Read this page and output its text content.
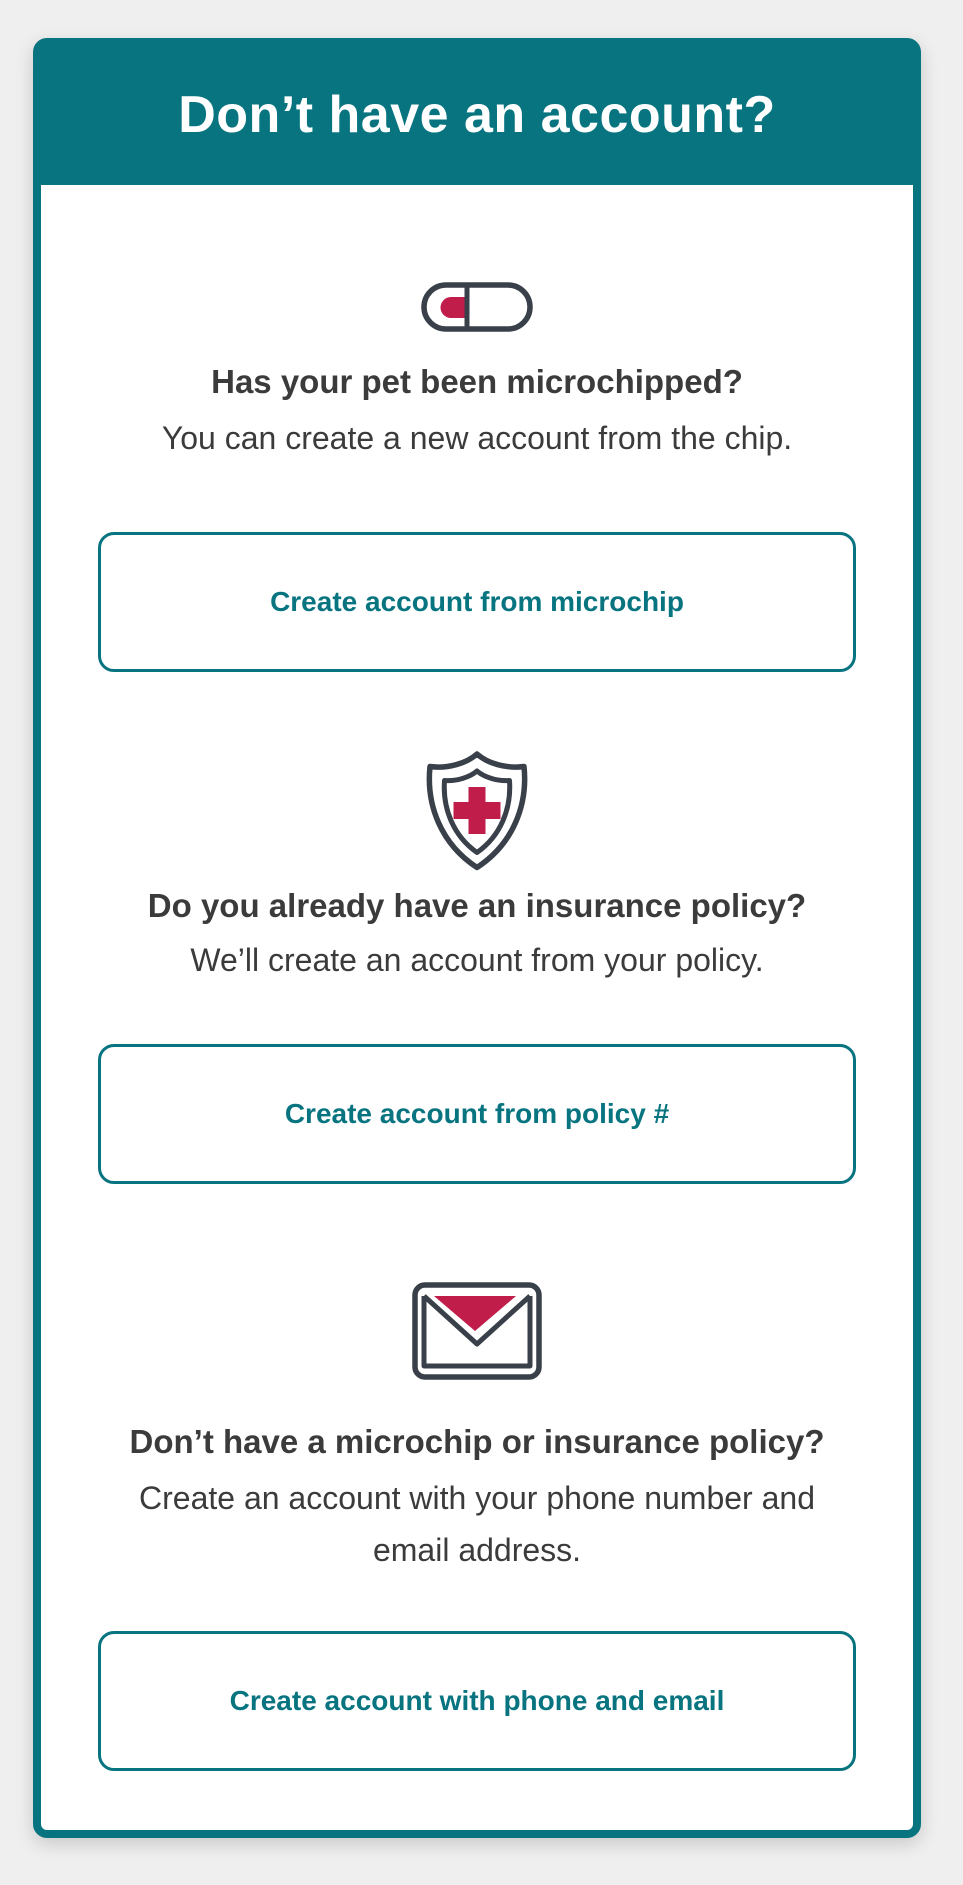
Don’t have an account?
Has your pet been microchipped?

You can create a new account from the chip.

Create account from microchip
Do you already have an insurance policy?

We’ll create an account from your policy.

Create account from policy #
Don’t have a microchip or insurance policy?

Create an account with your phone number and email address.

Create account with phone and email
